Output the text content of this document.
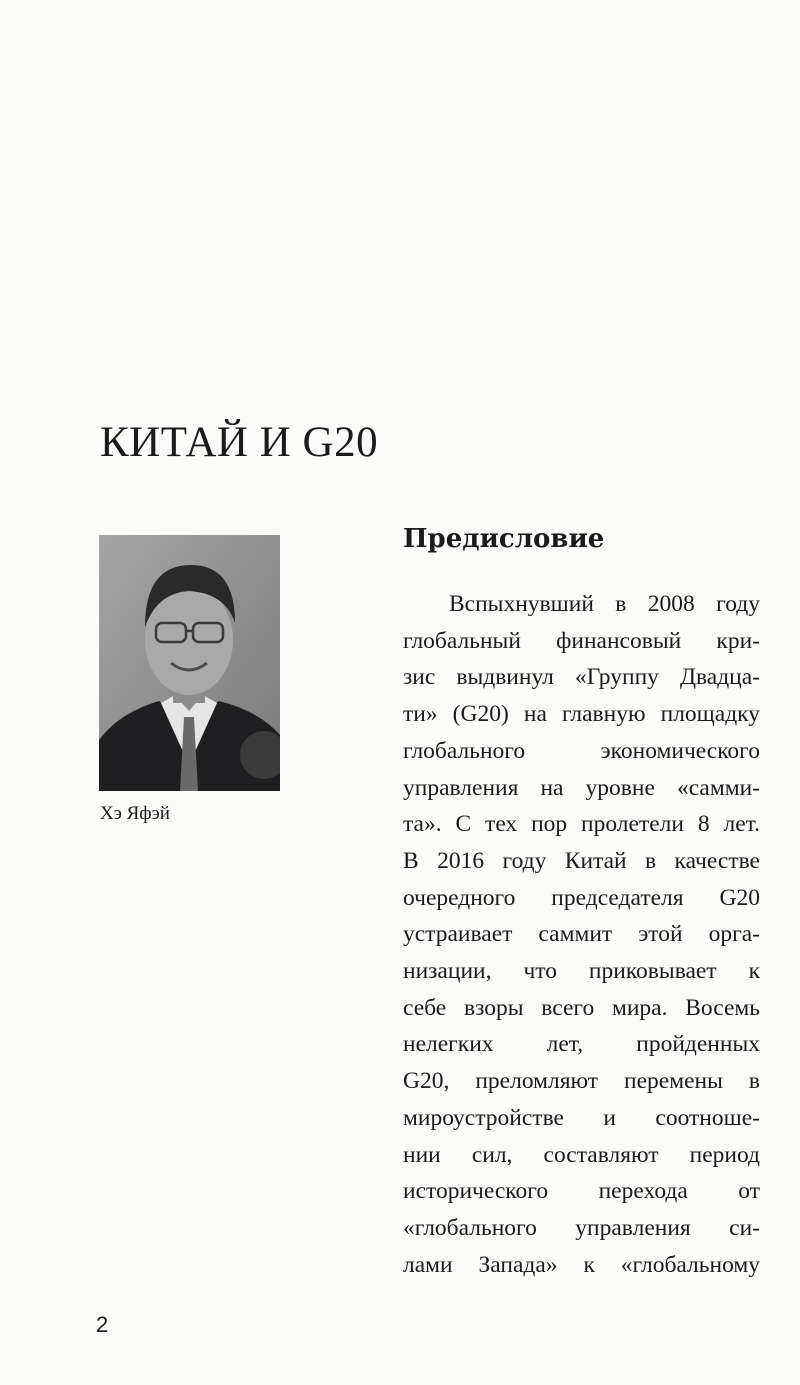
КИТАЙ И G20
Хэ Яфэй
Предисловие
Вспыхнувший в 2008 году
глобальный финансовый кри-
зис выдвинул «Группу Двадца-
ти» (G20) на главную площадку
глобального экономического
управления на уровне «самми-
та». С тех пор пролетели 8 лет.
В 2016 году Китай в качестве
очередного председателя G20
устраивает саммит этой орга-
низации, что приковывает к
себе взоры всего мира. Восемь
нелегких лет, пройденных
G20, преломляют перемены в
мироустройстве и соотноше-
нии сил, составляют период
исторического перехода от
«глобального управления си-
лами Запада» к «глобальному
2
